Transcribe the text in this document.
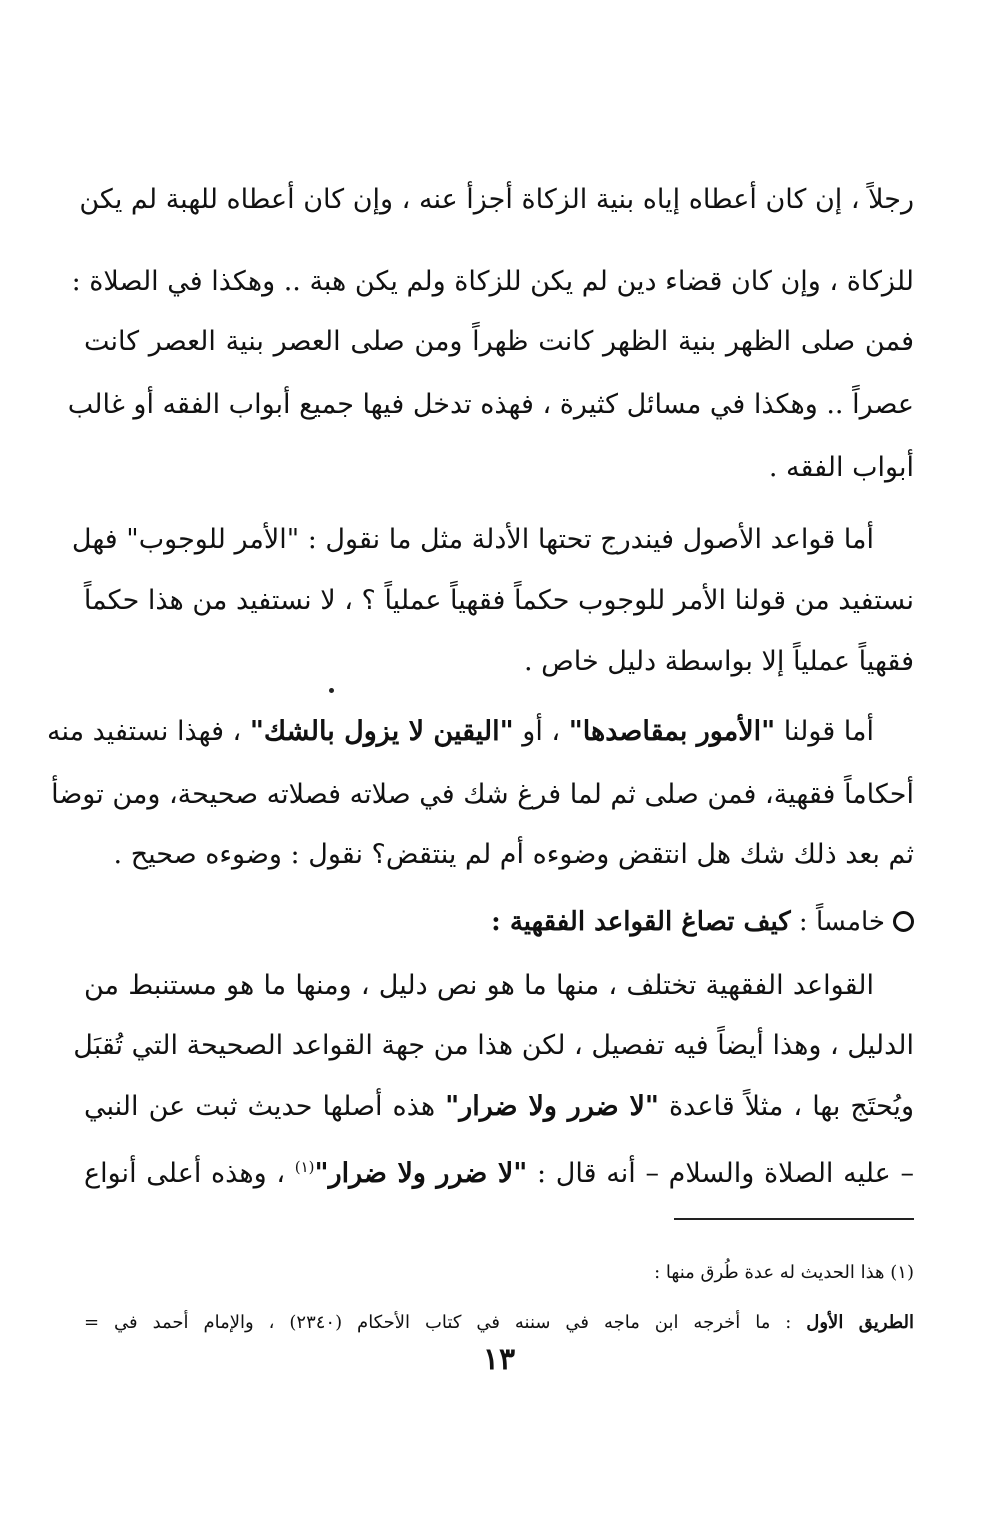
رجلاً ، إن كان أعطاه إياه بنية الزكاة أجزأ عنه ، وإن كان أعطاه للهبة لم يكن

للزكاة ، وإن كان قضاء دين لم يكن للزكاة ولم يكن هبة .. وهكذا في الصلاة :

فمن صلى الظهر بنية الظهر كانت ظهراً ومن صلى العصر بنية العصر كانت

عصراً .. وهكذا في مسائل كثيرة ، فهذه تدخل فيها جميع أبواب الفقه أو غالب

أبواب الفقه .

أما قواعد الأصول فيندرج تحتها الأدلة مثل ما نقول : "الأمر للوجوب" فهل

نستفيد من قولنا الأمر للوجوب حكماً فقهياً عملياً ؟ ، لا نستفيد من هذا حكماً

فقهياً عملياً إلا بواسطة دليل خاص .

أما قولنا "الأمور بمقاصدها" ، أو "اليقين لا يزول بالشك" ، فهذا نستفيد منه

أحكاماً فقهية، فمن صلى ثم لما فرغ شك في صلاته فصلاته صحيحة، ومن توضأ

ثم بعد ذلك شك هل انتقض وضوءه أم لم ينتقض؟ نقول : وضوءه صحيح .

خامساً : كيف تصاغ القواعد الفقهية :

القواعد الفقهية تختلف ، منها ما هو نص دليل ، ومنها ما هو مستنبط من

الدليل ، وهذا أيضاً فيه تفصيل ، لكن هذا من جهة القواعد الصحيحة التي تُقبَل

ويُحتَج بها ، مثلاً قاعدة "لا ضرر ولا ضرار" هذه أصلها حديث ثبت عن النبي

– عليه الصلاة والسلام – أنه قال : "لا ضرر ولا ضرار"$^{(١)}$ ، وهذه أعلى أنواع

(١) هذا الحديث له عدة طُرق منها :

الطريق الأول : ما أخرجه ابن ماجه في سننه في كتاب الأحكام (٢٣٤٠) ، والإمام أحمد في =

١٣
